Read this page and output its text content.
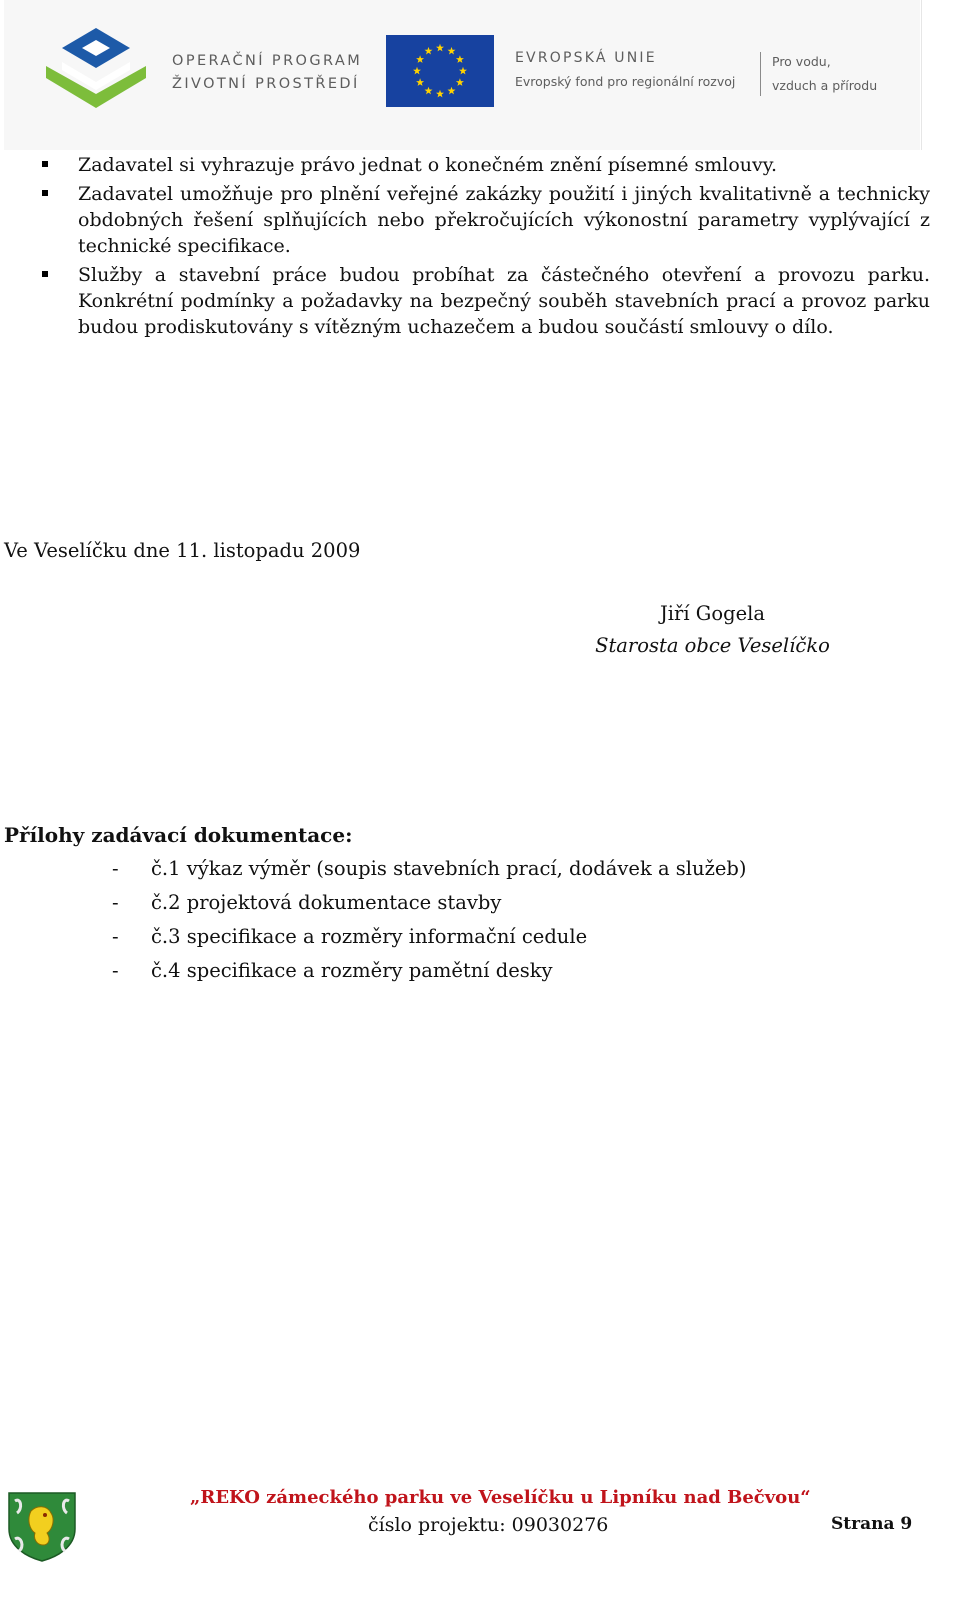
OPERAČNÍ PROGRAM
ŽIVOTNÍ PROSTŘEDÍ
EVROPSKÁ UNIE
Evropský fond pro regionální rozvoj
Pro vodu,
vzduch a přírodu
Zadavatel si vyhrazuje právo jednat o konečném znění písemné smlouvy.
Zadavatel umožňuje pro plnění veřejné zakázky použití i jiných kvalitativně a technicky obdobných řešení splňujících nebo překročujících výkonostní parametry vyplývající z technické specifikace.
Služby a stavební práce budou probíhat za částečného otevření a provozu parku. Konkrétní podmínky a požadavky na bezpečný souběh stavebních prací a provoz parku budou prodiskutovány s vítězným uchazečem a budou součástí smlouvy o dílo.
Ve Veselíčku dne 11. listopadu 2009
Jiří Gogela
Starosta obce Veselíčko
Přílohy zadávací dokumentace:
- č.1 výkaz výměr (soupis stavebních prací, dodávek a služeb)
- č.2 projektová dokumentace stavby
- č.3 specifikace a rozměry informační cedule
- č.4 specifikace a rozměry pamětní desky
„REKO zámeckého parku ve Veselíčku u Lipníku nad Bečvou“
číslo projektu: 09030276	Strana 9
